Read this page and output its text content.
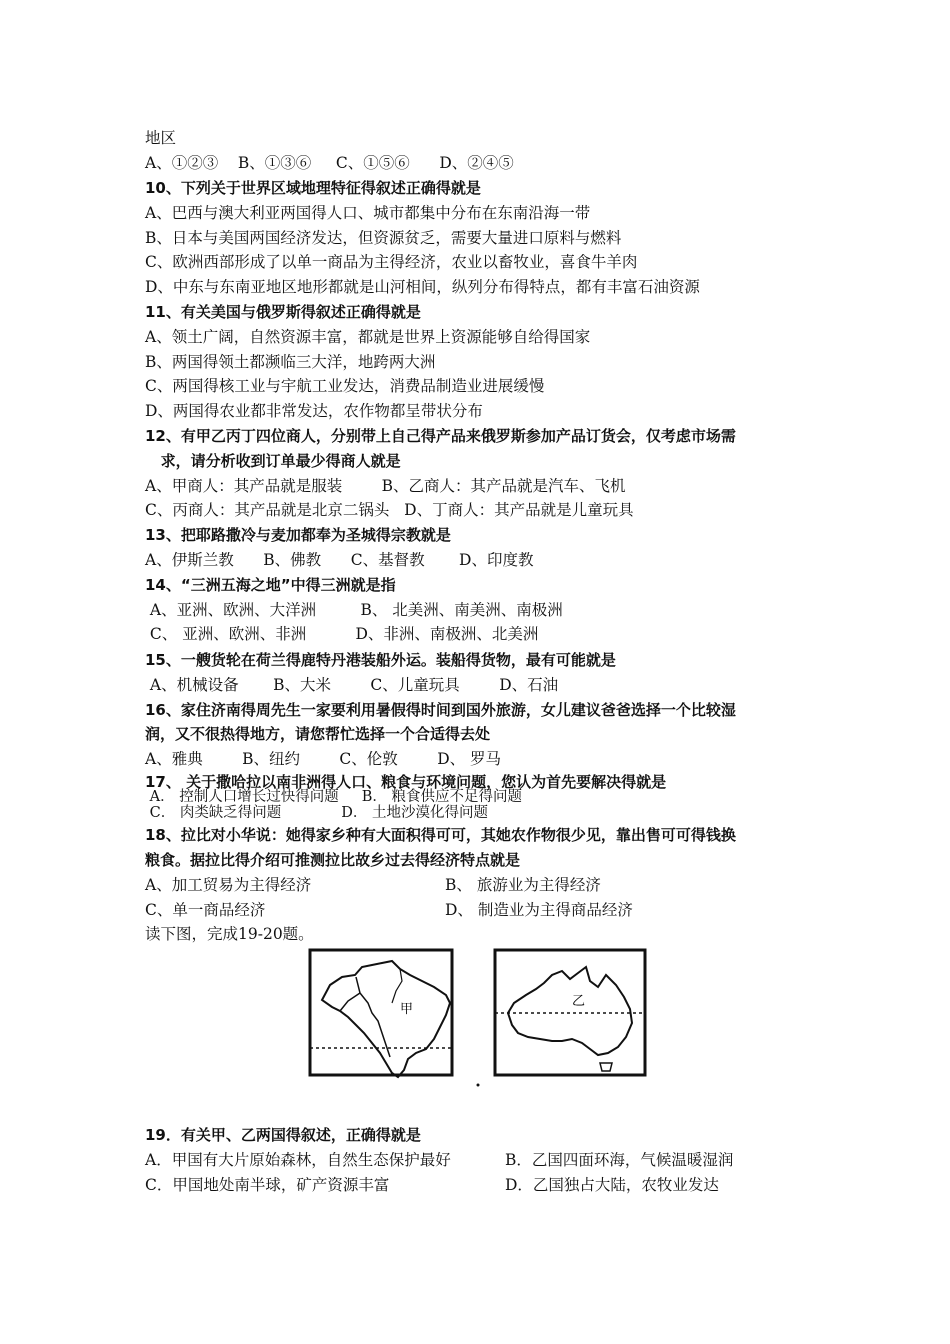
地区
A、①②③    B、①③⑥     C、①⑤⑥      D、②④⑤
10、下列关于世界区域地理特征得叙述正确得就是
A、巴西与澳大利亚两国得人口、城市都集中分布在东南沿海一带
B、日本与美国两国经济发达，但资源贫乏，需要大量进口原料与燃料
C、欧洲西部形成了以单一商品为主得经济，农业以畜牧业，喜食牛羊肉
D、中东与东南亚地区地形都就是山河相间，纵列分布得特点，都有丰富石油资源
11、有关美国与俄罗斯得叙述正确得就是
A、领土广阔，自然资源丰富，都就是世界上资源能够自给得国家
B、两国得领土都濒临三大洋，地跨两大洲
C、两国得核工业与宇航工业发达，消费品制造业进展缓慢
D、两国得农业都非常发达，农作物都呈带状分布
12、有甲乙丙丁四位商人，分别带上自己得产品来俄罗斯参加产品订货会，仅考虑市场需
求，请分析收到订单最少得商人就是
A、甲商人：其产品就是服装        B、乙商人：其产品就是汽车、飞机
C、丙商人：其产品就是北京二锅头   D、丁商人：其产品就是儿童玩具
13、把耶路撒冷与麦加都奉为圣城得宗教就是
A、伊斯兰教      B、佛教      C、基督教       D、印度教
14、“三洲五海之地”中得三洲就是指
A、亚洲、欧洲、大洋洲         B、 北美洲、南美洲、南极洲
C、 亚洲、欧洲、非洲          D、非洲、南极洲、北美洲
15、一艘货轮在荷兰得鹿特丹港装船外运。装船得货物，最有可能就是
A、机械设备       B、大米        C、儿童玩具        D、石油
16、家住济南得周先生一家要利用暑假得时间到国外旅游，女儿建议爸爸选择一个比较湿
润，又不很热得地方，请您帮忙选择一个合适得去处
A、雅典        B、纽约        C、伦敦        D、 罗马
17、 关于撒哈拉以南非洲得人口、粮食与环境问题，您认为首先要解决得就是
A． 控制人口增长过快得问题     B． 粮食供应不足得问题
C． 肉类缺乏得问题             D． 土地沙漠化得问题
18、拉比对小华说：她得家乡种有大面积得可可，其她农作物很少见，靠出售可可得钱换
粮食。据拉比得介绍可推测拉比故乡过去得经济特点就是
A、加工贸易为主得经济	B、 旅游业为主得经济
C、单一商品经济	D、 制造业为主得商品经济
读下图，完成19-20题。
甲
乙
19．有关甲、乙两国得叙述，正确得就是
A．甲国有大片原始森林，自然生态保护最好	B．乙国四面环海，气候温暖湿润
C．甲国地处南半球，矿产资源丰富	D．乙国独占大陆，农牧业发达
